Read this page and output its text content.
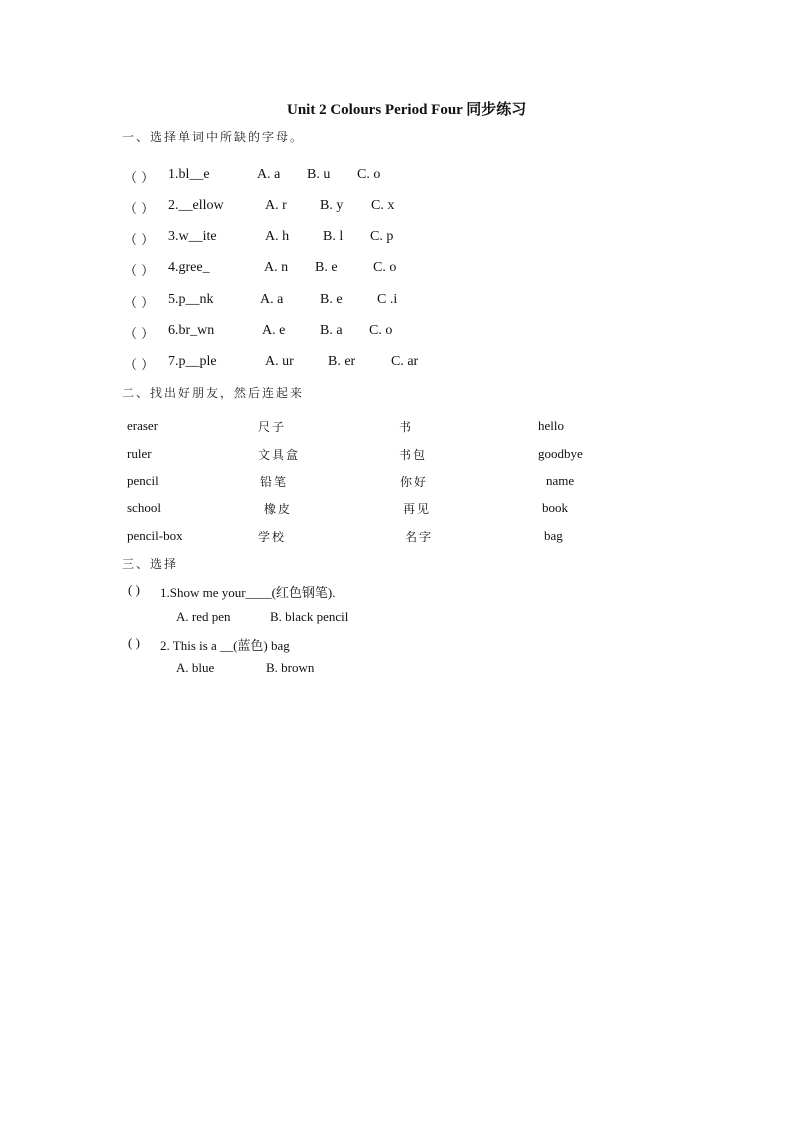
Unit 2 Colours Period Four 同步练习
一、选择单词中所缺的字母。
（ ） 1.bl__e	A. a B. u C. o
（ ） 2.__ellow	A. r B. y C. x
（ ） 3.w__ite	A. h B. l C. p
（ ） 4.gree_	A. n B. e	C. o
（ ） 5.p__nk	A. a	B. e C .i
（ ） 6.br_wn	A. e B. a C. o
（ ） 7.p__ple	A. ur B. er	C. ar
二、找出好朋友，然后连起来
eraser	尺子	书	hello
ruler	文具盒	书包	goodbye
pencil	铅笔	你好	name
school	橡皮	再见	book
pencil-box	学校	名字	bag
三、选择
( ) 1.Show me your____(红色钢笔).
A. red pen	B. black pencil
( ) 2. This is a __(蓝色) bag
A. blue	B. brown
